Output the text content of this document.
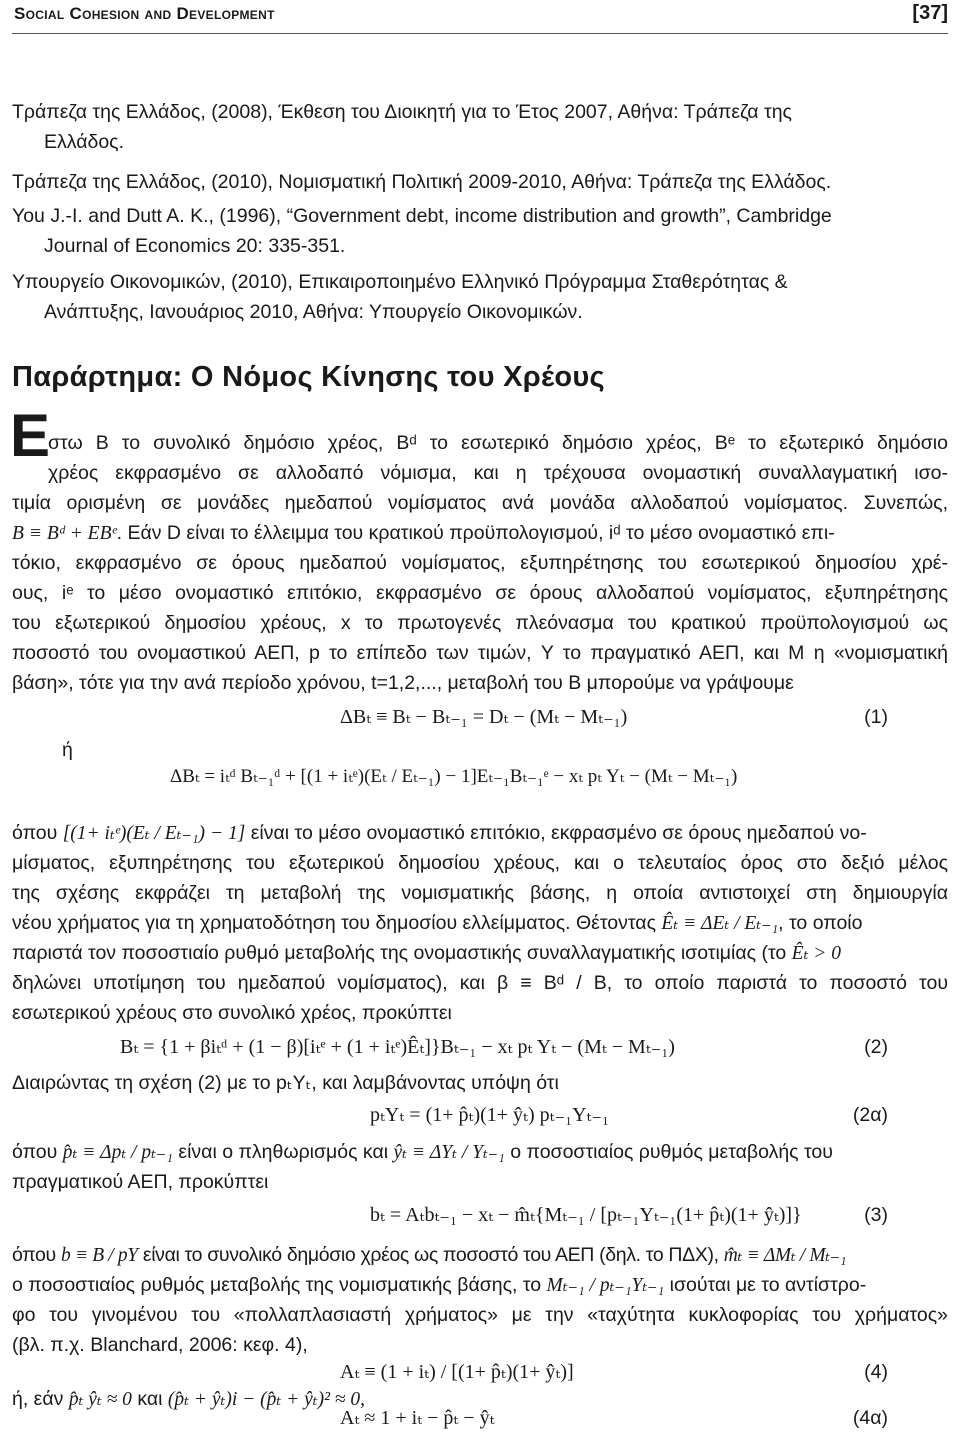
Social Cohesion and Development	[37]
Τράπεζα της Ελλάδος, (2008), Έκθεση του Διοικητή για το Έτος 2007, Αθήνα: Τράπεζα της
Ελλάδος.
Τράπεζα της Ελλάδος, (2010), Νομισματική Πολιτική 2009-2010, Αθήνα: Τράπεζα της Ελλάδος.
You J.-I. and Dutt A. K., (1996), “Government debt, income distribution and growth”, Cambridge
Journal of Economics 20: 335-351.
Υπουργείο Οικονομικών, (2010), Επικαιροποιημένο Ελληνικό Πρόγραμμα Σταθερότητας &
Ανάπτυξης, Ιανουάριος 2010, Αθήνα: Υπουργείο Οικονομικών.
Παράρτημα: Ο Νόμος Κίνησης του Χρέους
Ε
στω B το συνολικό δημόσιο χρέος, Bᵈ το εσωτερικό δημόσιο χρέος, Bᵉ το εξωτερικό δημόσιο
χρέος εκφρασμένο σε αλλοδαπό νόμισμα, και η τρέχουσα ονομαστική συναλλαγματική ισο-
τιμία ορισμένη σε μονάδες ημεδαπού νομίσματος ανά μονάδα αλλοδαπού νομίσματος. Συνεπώς,
B ≡ Bᵈ + EBᵉ. Εάν D είναι το έλλειμμα του κρατικού προϋπολογισμού, iᵈ το μέσο ονομαστικό επι-
τόκιο, εκφρασμένο σε όρους ημεδαπού νομίσματος, εξυπηρέτησης του εσωτερικού δημοσίου χρέ-
ους, iᵉ το μέσο ονομαστικό επιτόκιο, εκφρασμένο σε όρους αλλοδαπού νομίσματος, εξυπηρέτησης
του εξωτερικού δημοσίου χρέους, x το πρωτογενές πλεόνασμα του κρατικού προϋπολογισμού ως
ποσοστό του ονομαστικού ΑΕΠ, p το επίπεδο των τιμών, Y το πραγματικό ΑΕΠ, και M η «νομισματική
βάση», τότε για την ανά περίοδο χρόνου, t=1,2,..., μεταβολή του B μπορούμε να γράψουμε
ΔBₜ ≡ Bₜ − Bₜ₋₁ = Dₜ − (Mₜ − Mₜ₋₁)	(1)
ή
ΔBₜ = iₜᵈ Bₜ₋₁ᵈ + [(1 + iₜᵉ)(Eₜ / Eₜ₋₁) − 1]Eₜ₋₁Bₜ₋₁ᵉ − xₜ pₜ Yₜ − (Mₜ − Mₜ₋₁)
όπου [(1+ iₜᵉ)(Eₜ / Eₜ₋₁) − 1] είναι το μέσο ονομαστικό επιτόκιο, εκφρασμένο σε όρους ημεδαπού νο-
μίσματος, εξυπηρέτησης του εξωτερικού δημοσίου χρέους, και ο τελευταίος όρος στο δεξιό μέλος
της σχέσης εκφράζει τη μεταβολή της νομισματικής βάσης, η οποία αντιστοιχεί στη δημιουργία
νέου χρήματος για τη χρηματοδότηση του δημοσίου ελλείμματος. Θέτοντας Êₜ ≡ ΔEₜ / Eₜ₋₁, το οποίο
παριστά τον ποσοστιαίο ρυθμό μεταβολής της ονομαστικής συναλλαγματικής ισοτιμίας (το Êₜ > 0
δηλώνει υποτίμηση του ημεδαπού νομίσματος), και β ≡ Bᵈ / B, το οποίο παριστά το ποσοστό του
εσωτερικού χρέους στο συνολικό χρέος, προκύπτει
Bₜ = {1 + βiₜᵈ + (1 − β)[iₜᵉ + (1 + iₜᵉ)Êₜ]}Bₜ₋₁ − xₜ pₜ Yₜ − (Mₜ − Mₜ₋₁)	(2)
Διαιρώντας τη σχέση (2) με το pₜYₜ, και λαμβάνοντας υπόψη ότι
pₜYₜ = (1+ p̂ₜ)(1+ ŷₜ) pₜ₋₁Yₜ₋₁	(2α)
όπου p̂ₜ ≡ Δpₜ / pₜ₋₁ είναι ο πληθωρισμός και ŷₜ ≡ ΔYₜ / Yₜ₋₁ ο ποσοστιαίος ρυθμός μεταβολής του
πραγματικού ΑΕΠ, προκύπτει
bₜ = Aₜbₜ₋₁ − xₜ − m̂ₜ{Mₜ₋₁ / [pₜ₋₁Yₜ₋₁(1+ p̂ₜ)(1+ ŷₜ)]}	(3)
όπου b ≡ B / pY είναι το συνολικό δημόσιο χρέος ως ποσοστό του ΑΕΠ (δηλ. το ΠΔΧ), m̂ₜ ≡ ΔMₜ / Mₜ₋₁
ο ποσοστιαίος ρυθμός μεταβολής της νομισματικής βάσης, το Mₜ₋₁ / pₜ₋₁Yₜ₋₁ ισούται με το αντίστρο-
φο του γινομένου του «πολλαπλασιαστή χρήματος» με την «ταχύτητα κυκλοφορίας του χρήματος»
(βλ. π.χ. Blanchard, 2006: κεφ. 4),
Aₜ ≡ (1 + iₜ) / [(1+ p̂ₜ)(1+ ŷₜ)]	(4)
ή, εάν p̂ₜ ŷₜ ≈ 0 και (p̂ₜ + ŷₜ)i − (p̂ₜ + ŷₜ)² ≈ 0,
Aₜ ≈ 1 + iₜ − p̂ₜ − ŷₜ	(4α)
